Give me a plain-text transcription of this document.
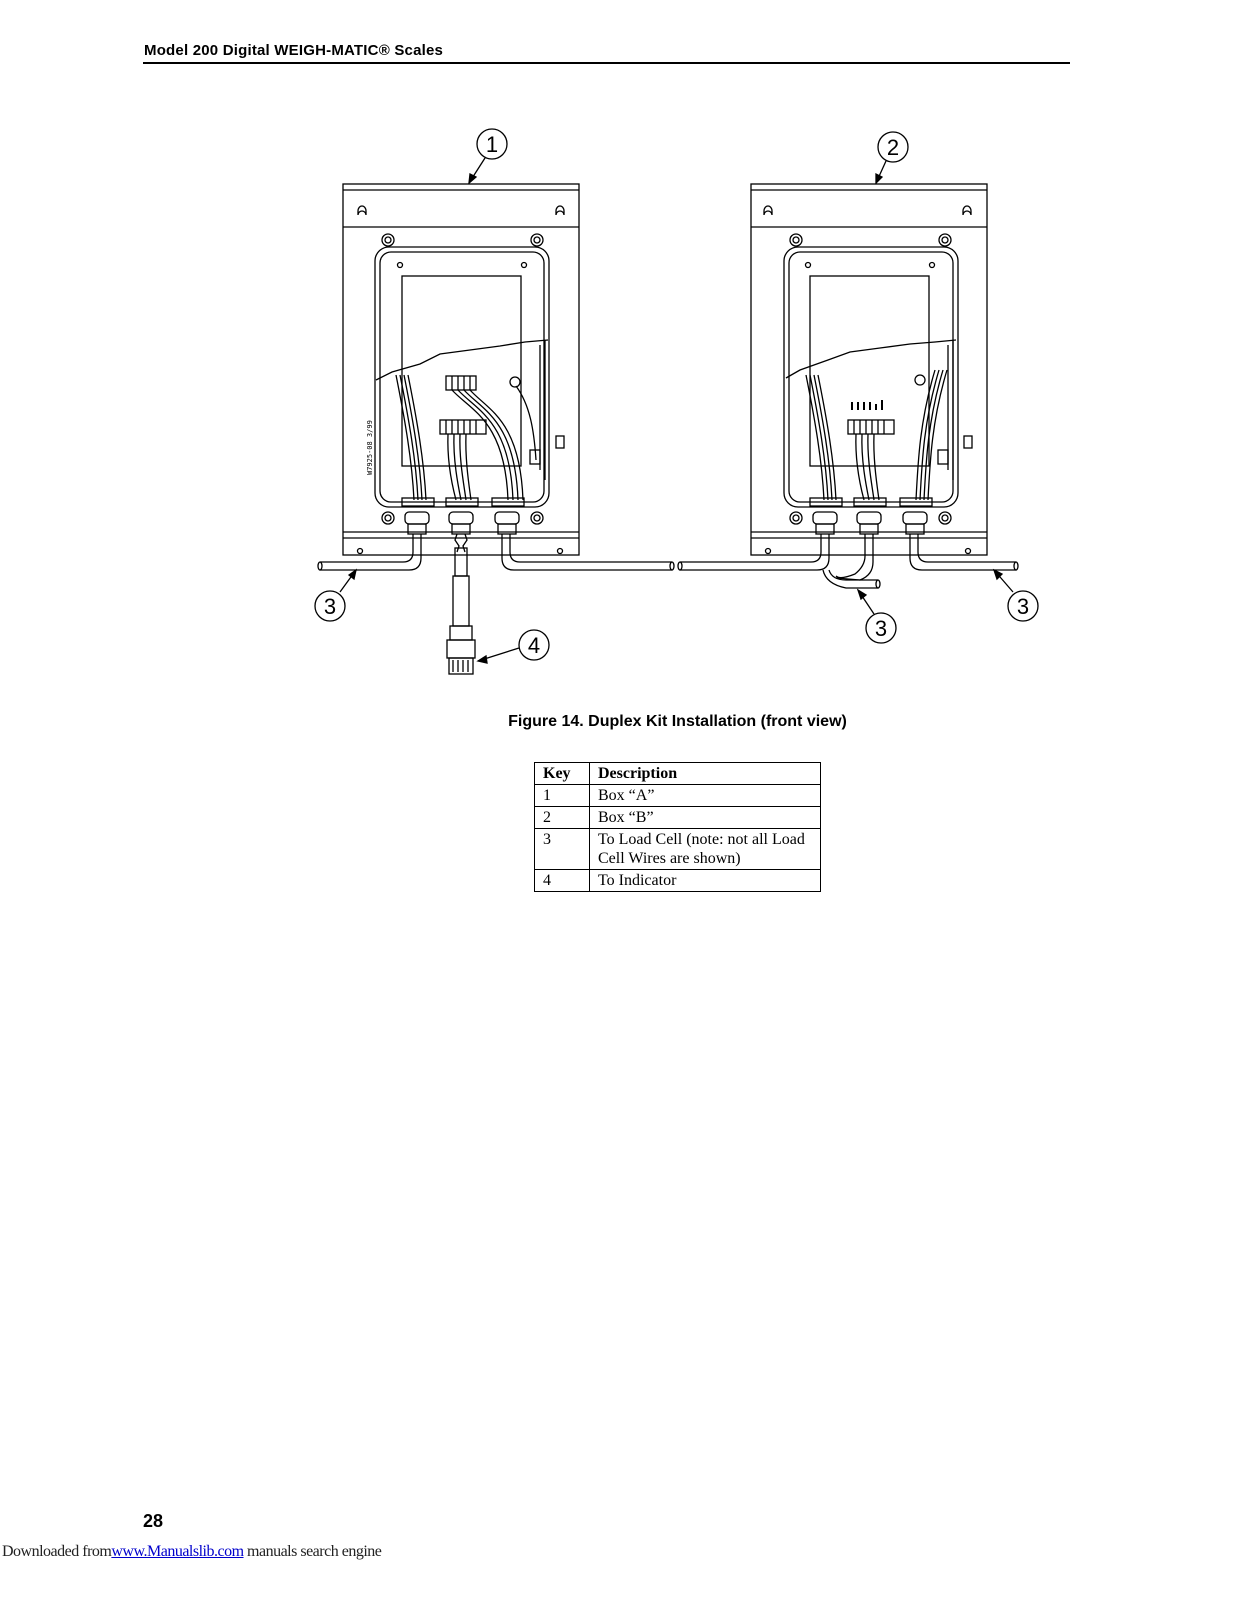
Model 200 Digital WEIGH-MATIC® Scales
W7925-08 3/99
1	2
3
3
3
4
Figure 14. Duplex Kit Installation (front view)
Key	Description
1	Box “A”
2	Box “B”
3	To Load Cell (note: not all Load Cell Wires are shown)
4	To Indicator
28
Downloaded fromwww.Manualslib.com manuals search engine
